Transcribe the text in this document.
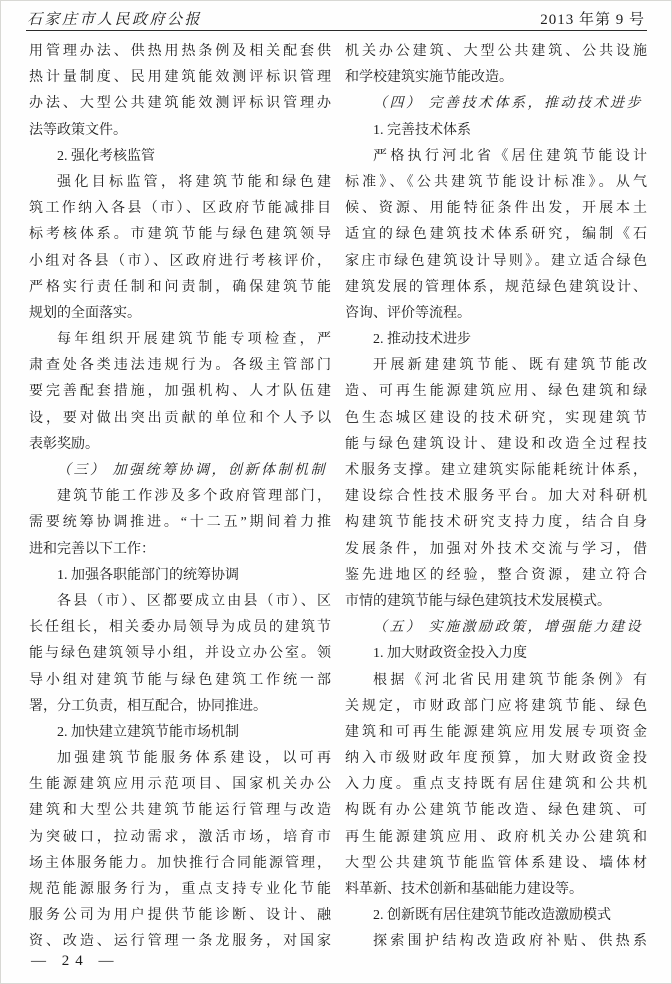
石家庄市人民政府公报	2013 年第 9 号
用管理办法、供热用热条例及相关配套供
热计量制度、民用建筑能效测评标识管理
办法、大型公共建筑能效测评标识管理办
法等政策文件。
2. 强化考核监管
强化目标监管，将建筑节能和绿色建
筑工作纳入各县（市）、区政府节能减排目
标考核体系。市建筑节能与绿色建筑领导
小组对各县（市）、区政府进行考核评价，
严格实行责任制和问责制，确保建筑节能
规划的全面落实。
每年组织开展建筑节能专项检查，严
肃查处各类违法违规行为。各级主管部门
要完善配套措施，加强机构、人才队伍建
设，要对做出突出贡献的单位和个人予以
表彰奖励。
（三） 加强统筹协调，创新体制机制
建筑节能工作涉及多个政府管理部门，
需要统筹协调推进。“十二五”期间着力推
进和完善以下工作：
1. 加强各职能部门的统筹协调
各县（市）、区都要成立由县（市）、区
长任组长，相关委办局领导为成员的建筑节
能与绿色建筑领导小组，并设立办公室。领
导小组对建筑节能与绿色建筑工作统一部
署，分工负责，相互配合，协同推进。
2. 加快建立建筑节能市场机制
加强建筑节能服务体系建设，以可再
生能源建筑应用示范项目、国家机关办公
建筑和大型公共建筑节能运行管理与改造
为突破口，拉动需求，激活市场，培育市
场主体服务能力。加快推行合同能源管理，
规范能源服务行为，重点支持专业化节能
服务公司为用户提供节能诊断、设计、融
资、改造、运行管理一条龙服务，对国家
机关办公建筑、大型公共建筑、公共设施
和学校建筑实施节能改造。
（四） 完善技术体系，推动技术进步
1. 完善技术体系
严格执行河北省《居住建筑节能设计
标准》、《公共建筑节能设计标准》。从气
候、资源、用能特征条件出发，开展本土
适宜的绿色建筑技术体系研究，编制《石
家庄市绿色建筑设计导则》。建立适合绿色
建筑发展的管理体系，规范绿色建筑设计、
咨询、评价等流程。
2. 推动技术进步
开展新建建筑节能、既有建筑节能改
造、可再生能源建筑应用、绿色建筑和绿
色生态城区建设的技术研究，实现建筑节
能与绿色建筑设计、建设和改造全过程技
术服务支撑。建立建筑实际能耗统计体系，
建设综合性技术服务平台。加大对科研机
构建筑节能技术研究支持力度，结合自身
发展条件，加强对外技术交流与学习，借
鉴先进地区的经验，整合资源，建立符合
市情的建筑节能与绿色建筑技术发展模式。
（五） 实施激励政策，增强能力建设
1. 加大财政资金投入力度
根据《河北省民用建筑节能条例》有
关规定，市财政部门应将建筑节能、绿色
建筑和可再生能源建筑应用发展专项资金
纳入市级财政年度预算，加大财政资金投
入力度。重点支持既有居住建筑和公共机
构既有办公建筑节能改造、绿色建筑、可
再生能源建筑应用、政府机关办公建筑和
大型公共建筑节能监管体系建设、墙体材
料革新、技术创新和基础能力建设等。
2. 创新既有居住建筑节能改造激励模式
探索围护结构改造政府补贴、供热系
— 24 —
